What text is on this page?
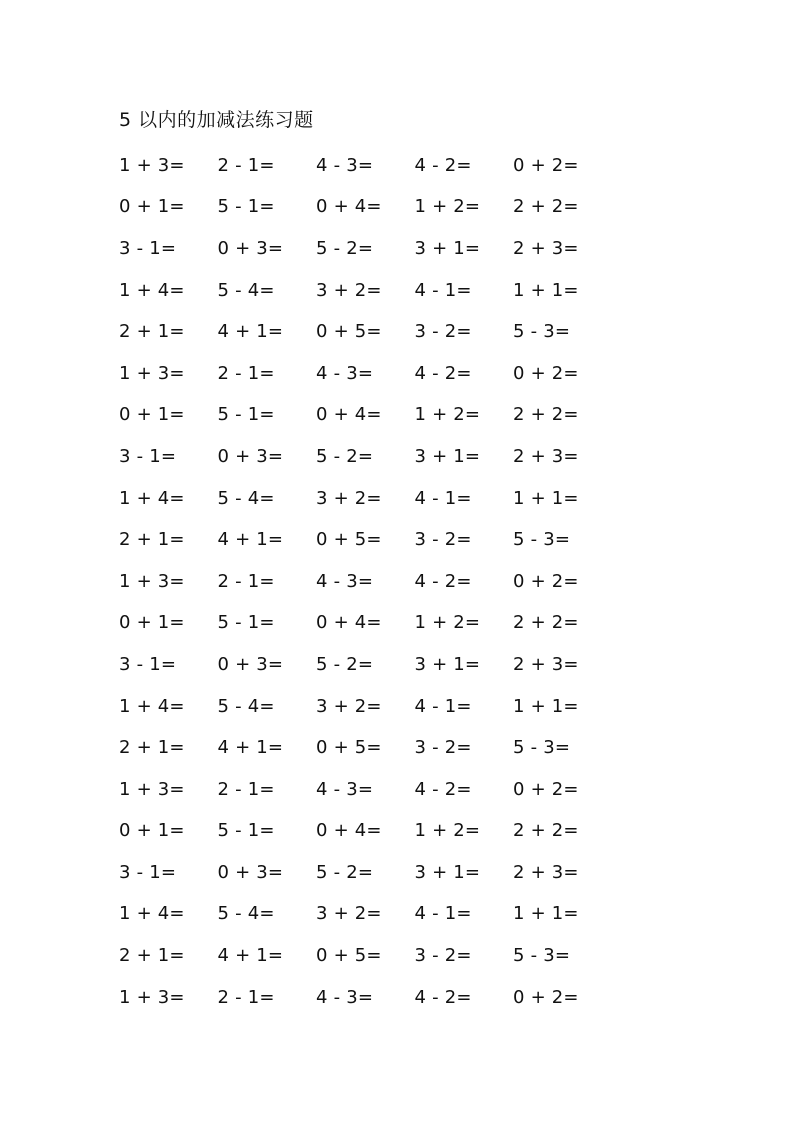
5 以内的加减法练习题
1 + 3=	2 - 1=	4 - 3=	4 - 2=	0 + 2=
0 + 1=	5 - 1=	0 + 4=	1 + 2=	2 + 2=
3 - 1=	0 + 3=	5 - 2=	3 + 1=	2 + 3=
1 + 4=	5 - 4=	3 + 2=	4 - 1=	1 + 1=
2 + 1=	4 + 1=	0 + 5=	3 - 2=	5 - 3=
1 + 3=	2 - 1=	4 - 3=	4 - 2=	0 + 2=
0 + 1=	5 - 1=	0 + 4=	1 + 2=	2 + 2=
3 - 1=	0 + 3=	5 - 2=	3 + 1=	2 + 3=
1 + 4=	5 - 4=	3 + 2=	4 - 1=	1 + 1=
2 + 1=	4 + 1=	0 + 5=	3 - 2=	5 - 3=
1 + 3=	2 - 1=	4 - 3=	4 - 2=	0 + 2=
0 + 1=	5 - 1=	0 + 4=	1 + 2=	2 + 2=
3 - 1=	0 + 3=	5 - 2=	3 + 1=	2 + 3=
1 + 4=	5 - 4=	3 + 2=	4 - 1=	1 + 1=
2 + 1=	4 + 1=	0 + 5=	3 - 2=	5 - 3=
1 + 3=	2 - 1=	4 - 3=	4 - 2=	0 + 2=
0 + 1=	5 - 1=	0 + 4=	1 + 2=	2 + 2=
3 - 1=	0 + 3=	5 - 2=	3 + 1=	2 + 3=
1 + 4=	5 - 4=	3 + 2=	4 - 1=	1 + 1=
2 + 1=	4 + 1=	0 + 5=	3 - 2=	5 - 3=
1 + 3=	2 - 1=	4 - 3=	4 - 2=	0 + 2=
